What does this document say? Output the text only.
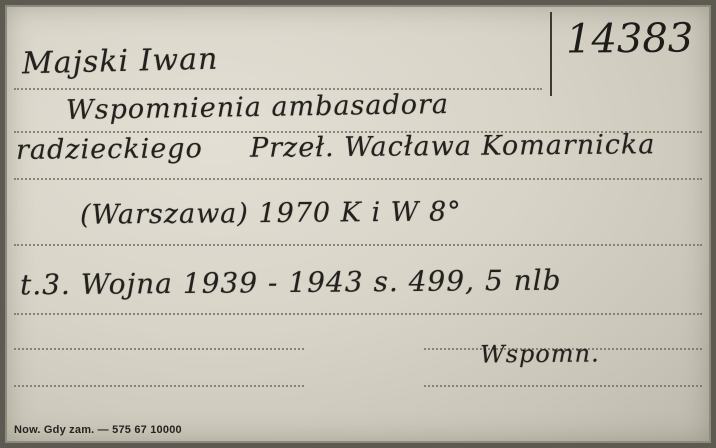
14383
Majski Iwan
Wspomnienia ambasadora
radzieckiego Przeł. Wacława Komarnicka
(Warszawa) 1970 K i W 8°
t.3. Wojna 1939 - 1943 s. 499, 5 nlb
Wspomn.
Now. Gdy zam. — 575 67 10000
